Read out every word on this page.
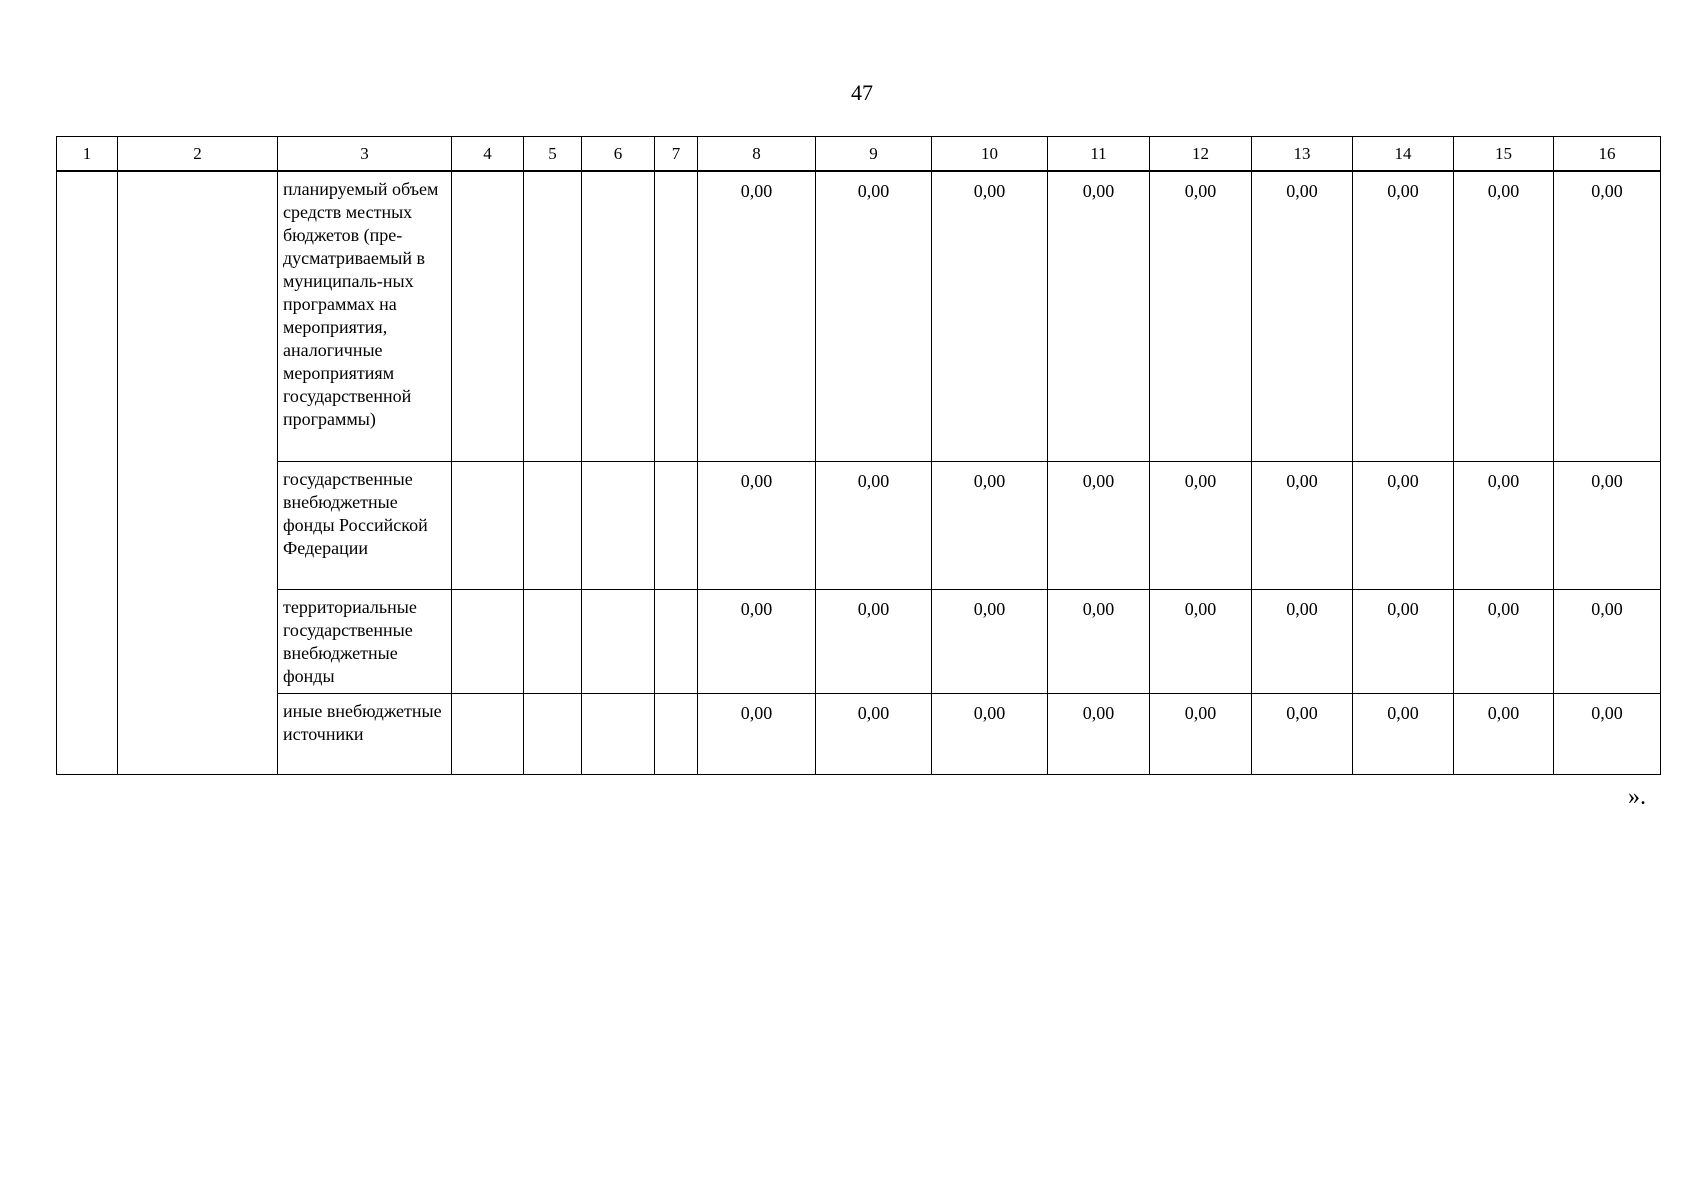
47
1	2	3	4	5	6	7	8	9	10	11	12	13	14	15	16
		планируемый объем средств местных бюджетов (пре-дусматриваемый в муниципаль-ных программах на мероприятия, аналогичные мероприятиям государственной программы)					0,00	0,00	0,00	0,00	0,00	0,00	0,00	0,00	0,00
		государственные внебюджетные фонды Российской Федерации					0,00	0,00	0,00	0,00	0,00	0,00	0,00	0,00	0,00
		территориальные государственные внебюджетные фонды					0,00	0,00	0,00	0,00	0,00	0,00	0,00	0,00	0,00
		иные внебюджетные источники					0,00	0,00	0,00	0,00	0,00	0,00	0,00	0,00	0,00
».
